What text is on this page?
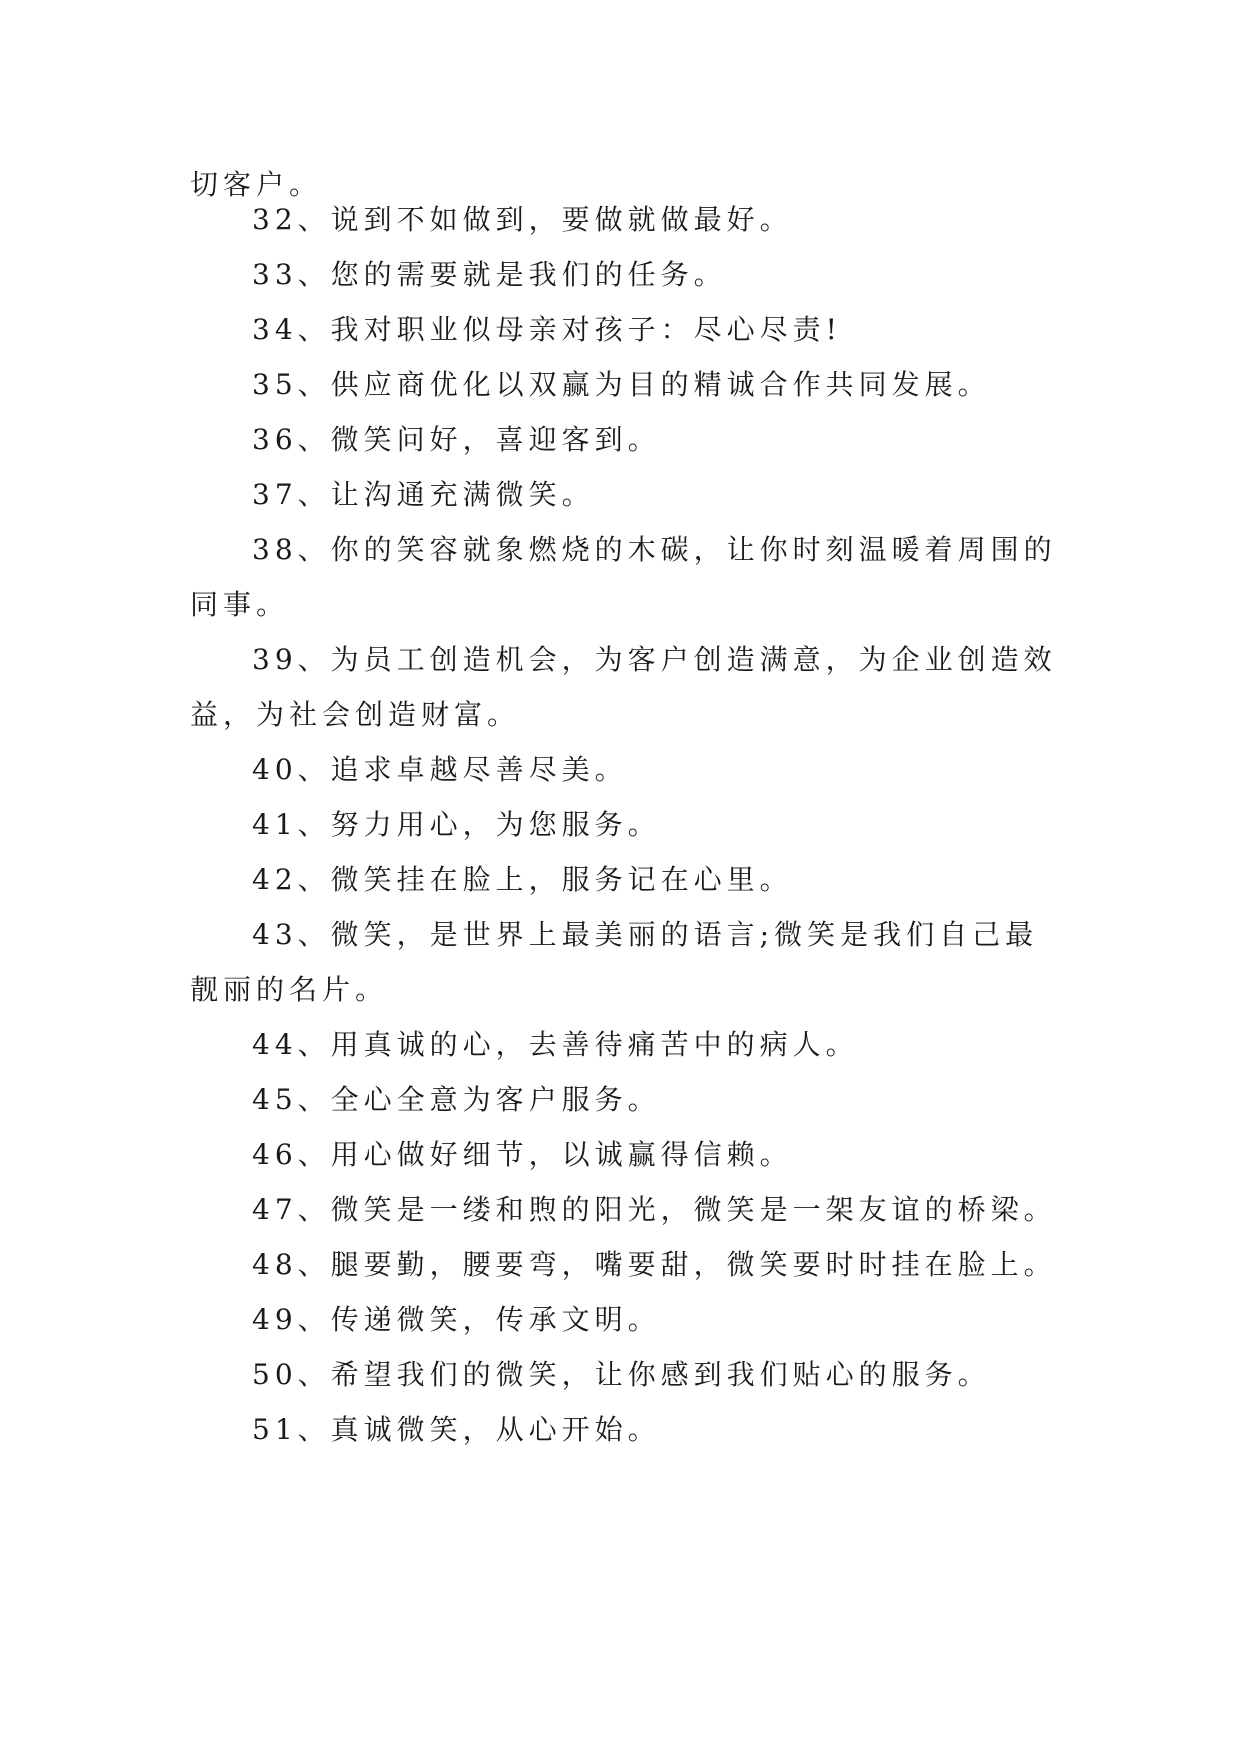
切客户。
32、说到不如做到，要做就做最好。
33、您的需要就是我们的任务。
34、我对职业似母亲对孩子：尽心尽责!
35、供应商优化以双赢为目的精诚合作共同发展。
36、微笑问好，喜迎客到。
37、让沟通充满微笑。
38、你的笑容就象燃烧的木碳，让你时刻温暖着周围的
同事。
39、为员工创造机会，为客户创造满意，为企业创造效
益，为社会创造财富。
40、追求卓越尽善尽美。
41、努力用心，为您服务。
42、微笑挂在脸上，服务记在心里。
43、微笑，是世界上最美丽的语言;微笑是我们自己最
靓丽的名片。
44、用真诚的心，去善待痛苦中的病人。
45、全心全意为客户服务。
46、用心做好细节，以诚赢得信赖。
47、微笑是一缕和煦的阳光，微笑是一架友谊的桥梁。
48、腿要勤，腰要弯，嘴要甜，微笑要时时挂在脸上。
49、传递微笑，传承文明。
50、希望我们的微笑，让你感到我们贴心的服务。
51、真诚微笑，从心开始。
